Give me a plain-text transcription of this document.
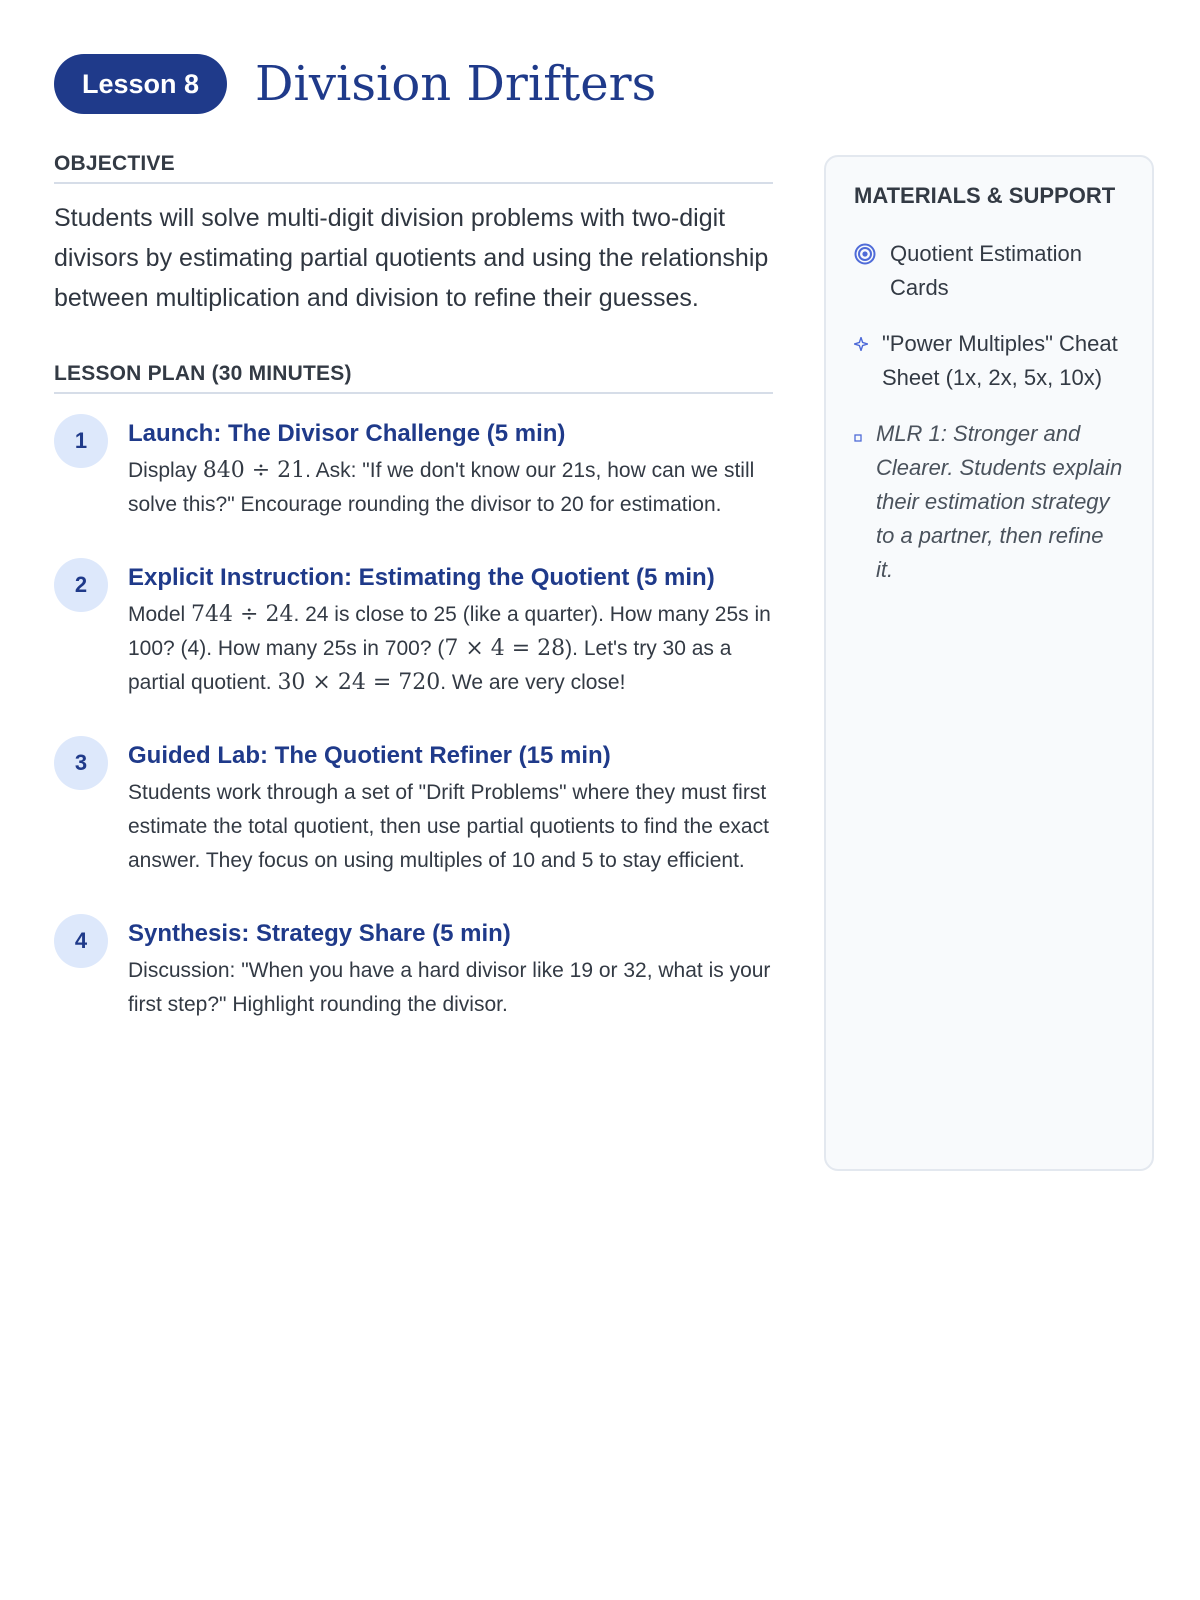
Lesson 8	Division Drifters
OBJECTIVE
Students will solve multi-digit division problems with two-digit divisors by estimating partial quotients and using the relationship between multiplication and division to refine their guesses.
LESSON PLAN (30 MINUTES)
1	Launch: The Divisor Challenge (5 min)
Display 840 ÷ 21. Ask: "If we don't know our 21s, how can we still solve this?" Encourage rounding the divisor to 20 for estimation.
2	Explicit Instruction: Estimating the Quotient (5 min)
Model 744 ÷ 24. 24 is close to 25 (like a quarter). How many 25s in 100? (4). How many 25s in 700? (7 × 4 = 28). Let's try 30 as a partial quotient. 30 × 24 = 720. We are very close!
3	Guided Lab: The Quotient Refiner (15 min)
Students work through a set of "Drift Problems" where they must first estimate the total quotient, then use partial quotients to find the exact answer. They focus on using multiples of 10 and 5 to stay efficient.
4	Synthesis: Strategy Share (5 min)
Discussion: "When you have a hard divisor like 19 or 32, what is your first step?" Highlight rounding the divisor.
MATERIALS & SUPPORT
Quotient Estimation Cards
"Power Multiples" Cheat Sheet (1x, 2x, 5x, 10x)
MLR 1: Stronger and Clearer. Students explain their estimation strategy to a partner, then refine it.
